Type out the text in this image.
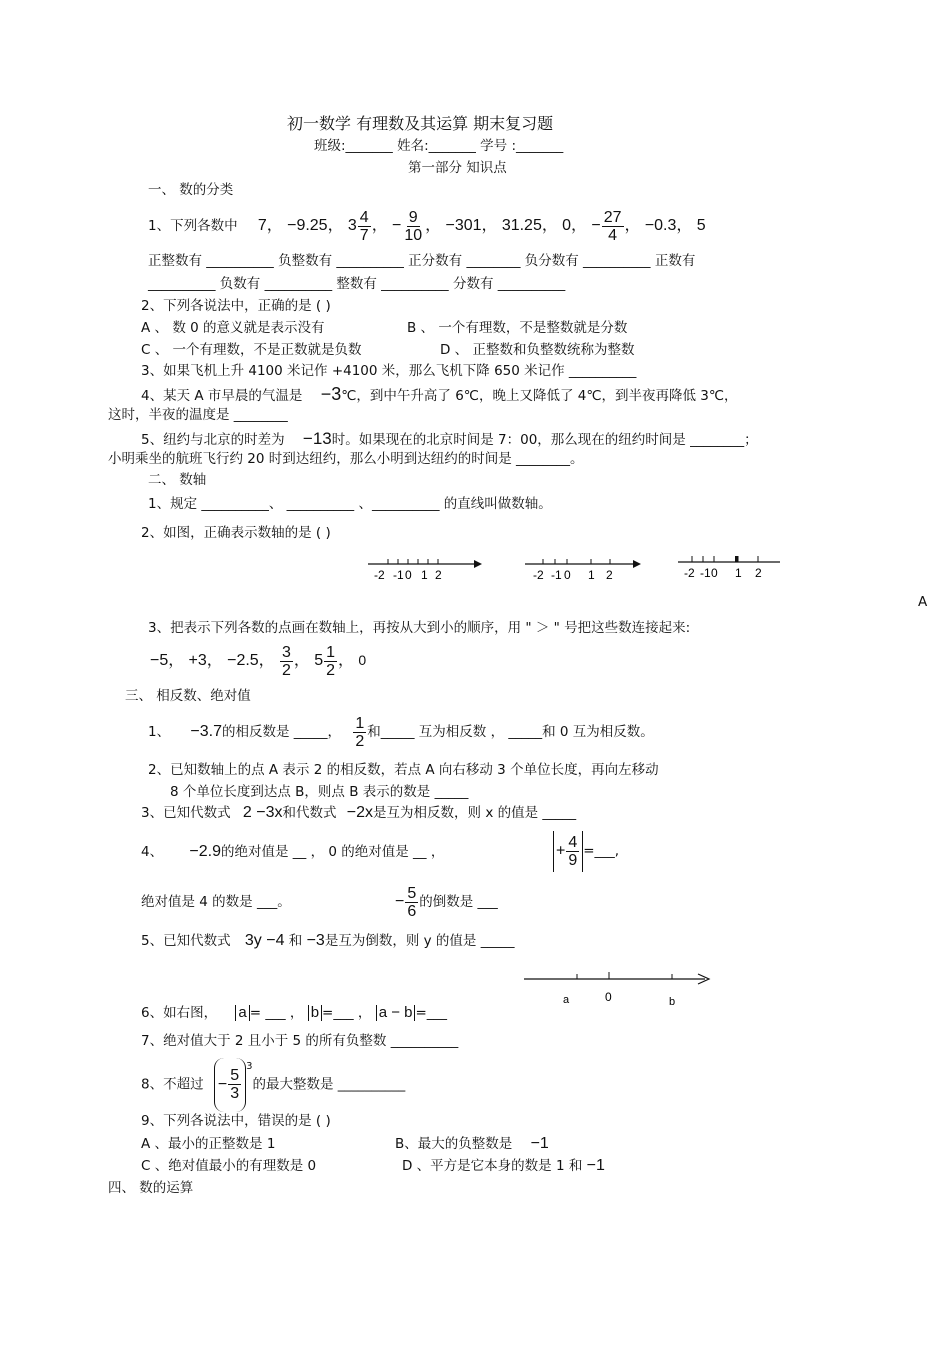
初一数学 有理数及其运算 期末复习题
班级:_______ 姓名:_______ 学号 :_______
第一部分 知识点
一、 数的分类
1、下列各数中 7， −9.25， $3 \frac{4}{7}$ ， − $\frac{9}{10}$ ， −301， 31.25， 0， − $\frac{27}{4}$ ， −0.3， 5
正整数有 __________ 负整数有 __________ 正分数有 ________ 负分数有 __________ 正数有
__________ 负数有 __________ 整数有 __________ 分数有 __________
2、下列各说法中，正确的是 ( )
A 、 数 0 的意义就是表示没有	B 、 一个有理数，不是整数就是分数
C 、 一个有理数，不是正数就是负数	D 、 正整数和负整数统称为整数
3、如果飞机上升 4100 米记作 +4100 米，那么飞机下降 650 米记作 __________
4、某天 A 市早晨的气温是 −3℃，到中午升高了 6℃，晚上又降低了 4℃，到半夜再降低 3℃，
这时，半夜的温度是 ________
5、纽约与北京的时差为 −13时。如果现在的北京时间是 7：00，那么现在的纽约时间是 ________；
小明乘坐的航班飞行约 20 时到达纽约，那么小明到达纽约的时间是 ________。
二、 数轴
1、规定 __________、 __________ 、__________ 的直线叫做数轴。
2、如图，正确表示数轴的是 ( )
-2 -1 0 1 2	-2 -1 0 1 2	-2 -1 0 1 2
A
3、把表示下列各数的点画在数轴上，再按从大到小的顺序，用 " ＞ " 号把这些数连接起来:
−5， +3， −2.5， $\frac{3}{2}$ ， $5 \frac{1}{2}$ ， 0
三、 相反数、绝对值
1、 −3.7的相反数是 _____， $\frac{1}{2}$ 和_____ 互为相反数 ， _____和 0 互为相反数。
2、已知数轴上的点 A 表示 2 的相反数，若点 A 向右移动 3 个单位长度，再向左移动
8 个单位长度到达点 B，则点 B 表示的数是 _____
3、已知代数式 2 −3x和代数式 −2x是互为相反数，则 x 的值是 _____
4、 −2.9的绝对值是 __ ， 0 的绝对值是 __ ，	+ $\frac{4}{9}$ =___,
绝对值是 4 的数是 ___。	− $\frac{5}{6}$ 的倒数是 ___
5、已知代数式 3y −4 和 −3是互为倒数，则 y 的值是 _____
a	0	b
6、如右图， a = ___ ， b =___ ， a − b =___
7、绝对值大于 2 且小于 5 的所有负整数 __________
8、不超过 − $\frac{5}{3}$
$^3$的最大整数是 __________
9、下列各说法中，错误的是 ( )
A 、最小的正整数是 1	B、最大的负整数是 −1
C 、绝对值最小的有理数是 0	D 、平方是它本身的数是 1 和 −1
四、 数的运算
